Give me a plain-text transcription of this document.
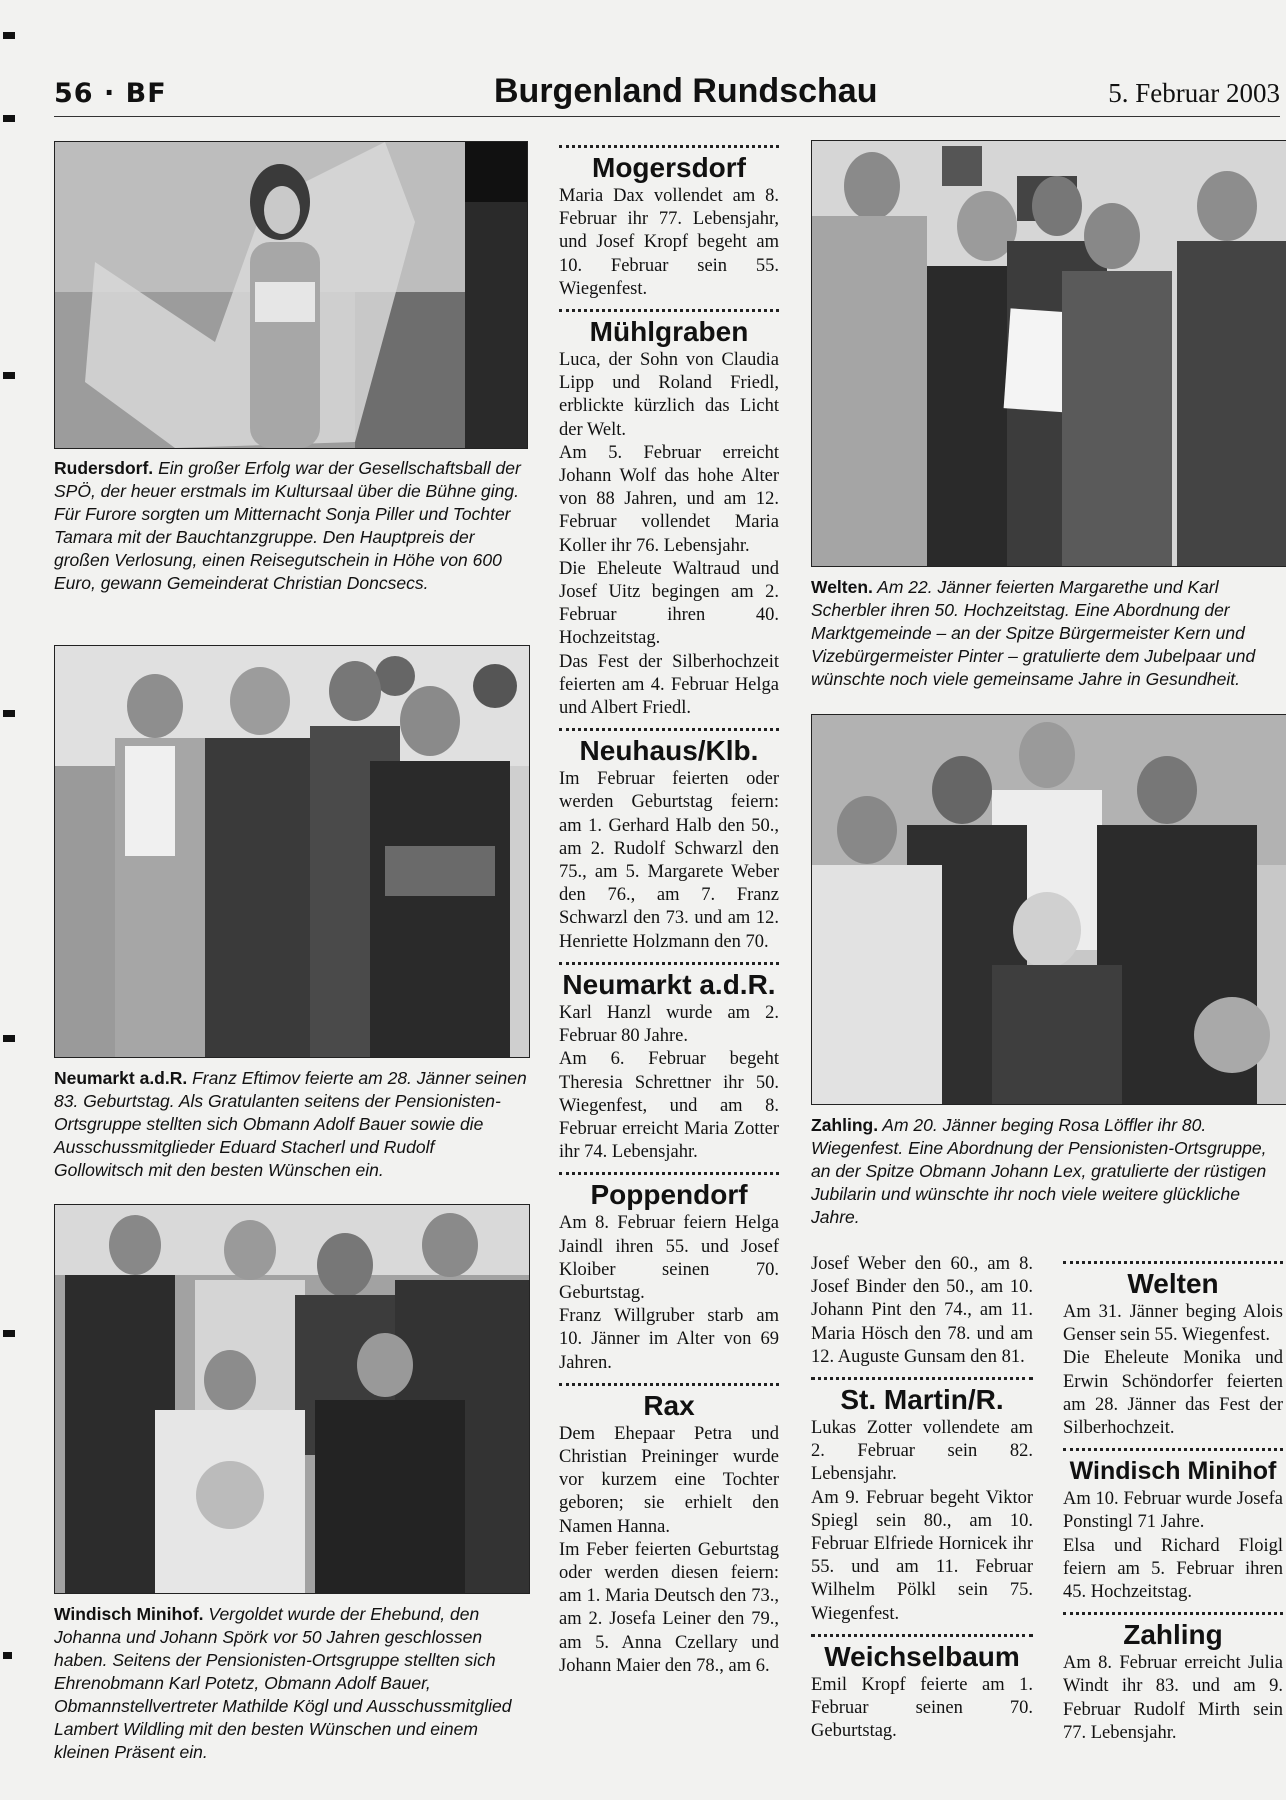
56 · BF	Burgenland Rundschau	5. Februar 2003
Rudersdorf. Ein großer Erfolg war der Gesellschaftsball der SPÖ, der heuer erstmals im Kultursaal über die Bühne ging. Für Furore sorgten um Mitternacht Sonja Piller und Tochter Tamara mit der Bauchtanzgruppe. Den Hauptpreis der großen Verlosung, einen Reisegutschein in Höhe von 600 Euro, gewann Gemeinderat Christian Doncsecs.
Neumarkt a.d.R. Franz Eftimov feierte am 28. Jänner seinen 83. Geburtstag. Als Gratulanten seitens der Pensionisten-Ortsgruppe stellten sich Obmann Adolf Bauer sowie die Ausschussmitglieder Eduard Stacherl und Rudolf Gollowitsch mit den besten Wünschen ein.
Windisch Minihof. Vergoldet wurde der Ehebund, den Johanna und Johann Spörk vor 50 Jahren geschlossen haben. Seitens der Pensionisten-Ortsgruppe stellten sich Ehrenobmann Karl Potetz, Obmann Adolf Bauer, Obmannstellvertreter Mathilde Kögl und Ausschussmitglied Lambert Wildling mit den besten Wünschen und einem kleinen Präsent ein.
Mogersdorf

Maria Dax vollendet am 8. Februar ihr 77. Lebensjahr, und Josef Kropf begeht am 10. Februar sein 55. Wiegenfest.

Mühlgraben

Luca, der Sohn von Claudia Lipp und Roland Friedl, erblickte kürzlich das Licht der Welt.

Am 5. Februar erreicht Johann Wolf das hohe Alter von 88 Jahren, und am 12. Februar vollendet Maria Koller ihr 76. Lebensjahr.

Die Eheleute Waltraud und Josef Uitz begingen am 2. Februar ihren 40. Hochzeitstag.

Das Fest der Silberhochzeit feierten am 4. Februar Helga und Albert Friedl.

Neuhaus/Klb.

Im Februar feierten oder werden Geburtstag feiern: am 1. Gerhard Halb den 50., am 2. Rudolf Schwarzl den 75., am 5. Margarete Weber den 76., am 7. Franz Schwarzl den 73. und am 12. Henriette Holzmann den 70.

Neumarkt a.d.R.

Karl Hanzl wurde am 2. Februar 80 Jahre.

Am 6. Februar begeht Theresia Schrettner ihr 50. Wiegenfest, und am 8. Februar erreicht Maria Zotter ihr 74. Lebensjahr.

Poppendorf

Am 8. Februar feiern Helga Jaindl ihren 55. und Josef Kloiber seinen 70. Geburtstag.

Franz Willgruber starb am 10. Jänner im Alter von 69 Jahren.

Rax

Dem Ehepaar Petra und Christian Preininger wurde vor kurzem eine Tochter geboren; sie erhielt den Namen Hanna.

Im Feber feierten Geburtstag oder werden diesen feiern: am 1. Maria Deutsch den 73., am 2. Josefa Leiner den 79., am 5. Anna Czellary und Johann Maier den 78., am 6.

Welten. Am 22. Jänner feierten Margarethe und Karl Scherbler ihren 50. Hochzeitstag. Eine Abordnung der Marktgemeinde – an der Spitze Bürgermeister Kern und Vizebürgermeister Pinter – gratulierte dem Jubelpaar und wünschte noch viele gemeinsame Jahre in Gesundheit.
Zahling. Am 20. Jänner beging Rosa Löffler ihr 80. Wiegenfest. Eine Abordnung der Pensionisten-Ortsgruppe, an der Spitze Obmann Johann Lex, gratulierte der rüstigen Jubilarin und wünschte ihr noch viele weitere glückliche Jahre.

Josef Weber den 60., am 8. Josef Binder den 50., am 10. Johann Pint den 74., am 11. Maria Hösch den 78. und am 12. Auguste Gunsam den 81.

St. Martin/R.

Lukas Zotter vollendete am 2. Februar sein 82. Lebensjahr.

Am 9. Februar begeht Viktor Spiegl sein 80., am 10. Februar Elfriede Hornicek ihr 55. und am 11. Februar Wilhelm Pölkl sein 75. Wiegenfest.

Weichselbaum

Emil Kropf feierte am 1. Februar seinen 70. Geburtstag.

Welten

Am 31. Jänner beging Alois Genser sein 55. Wiegenfest.

Die Eheleute Monika und Erwin Schöndorfer feierten am 28. Jänner das Fest der Silberhochzeit.

Windisch Minihof

Am 10. Februar wurde Josefa Ponstingl 71 Jahre.

Elsa und Richard Floigl feiern am 5. Februar ihren 45. Hochzeitstag.

Zahling

Am 8. Februar erreicht Julia Windt ihr 83. und am 9. Februar Rudolf Mirth sein 77. Lebensjahr.
